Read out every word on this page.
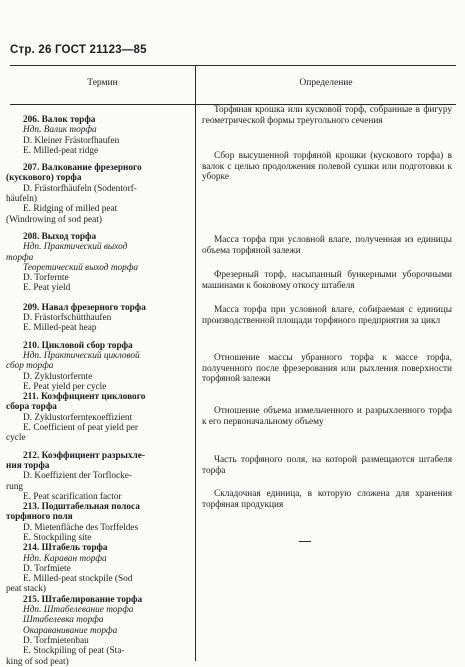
Стр. 26 ГОСТ 21123—85
Термин	Определение
206. Валок торфа
Ндп. Валик торфа
D. Kleiner Frästorfhaufen
E. Milled-peat ridge
207. Валкование фрезерного
(кускового) торфа
D. Frästorfhäufeln (Sodentorf-
häufeln)
E. Ridging of milled peat
(Windrowing of sod peat)
208. Выход торфа
Ндп. Практический выход
торфа
Теоретический выход торфа
D. Torfernte
E. Peat yield
209. Навал фрезерного торфа
D. Frästorfschütthaufen
E. Milled-peat heap
210. Цикловой сбор торфа
Ндп. Практический цикловой
сбор торфа
D. Zyklustorfernte
E. Peat yield per cycle
211. Коэффициент циклового
сбора торфа
D. Zyklustorfernteкoeffizient
E. Coefficient of peat yield per
cycle
212. Коэффициент разрыхле-
ния торфа
D. Koeffizient der Torflocke-
rung
E. Peat scarification factor
213. Подштабельная полоса
торфяного поля
D. Mietenfläche des Torffeldes
E. Stockpiling site
214. Штабель торфа
Ндп. Караван торфа
D. Torfmiete
E. Milled-peat stockpile (Sod
peat stack)
215. Штабелирование торфа
Ндп. Штабелевание торфа
Штабелевка торфа
Окараванивание торфа
D. Torfmietenbau
E. Stockpiling of peat (Sta-
king of sod peat)
Торфяная крошка или кусковой торф, собранные в фигуру геометрической формы треугольного сечения
Сбор высушенной торфяной крошки (кускового торфа) в валок с целью продолжения полевой сушки или подготовки к уборке
Масса торфа при условной влаге, полученная из единицы объема торфяной залежи
Фрезерный торф, насыпанный бункерными уборочными машинами к боковому откосу штабеля
Масса торфа при условной влаге, собираемая с единицы производственной площади торфяного предприятия за цикл
Отношение массы убранного торфа к массе торфа, полученного после фрезерования или рыхления поверхности торфяной залежи
Отношение объема измельченного и разрыхленного торфа к его первоначальному объему
Часть торфяного поля, на которой размещаются штабеля торфа
Складочная единица, в которую сложена для хранения торфяная продукция
